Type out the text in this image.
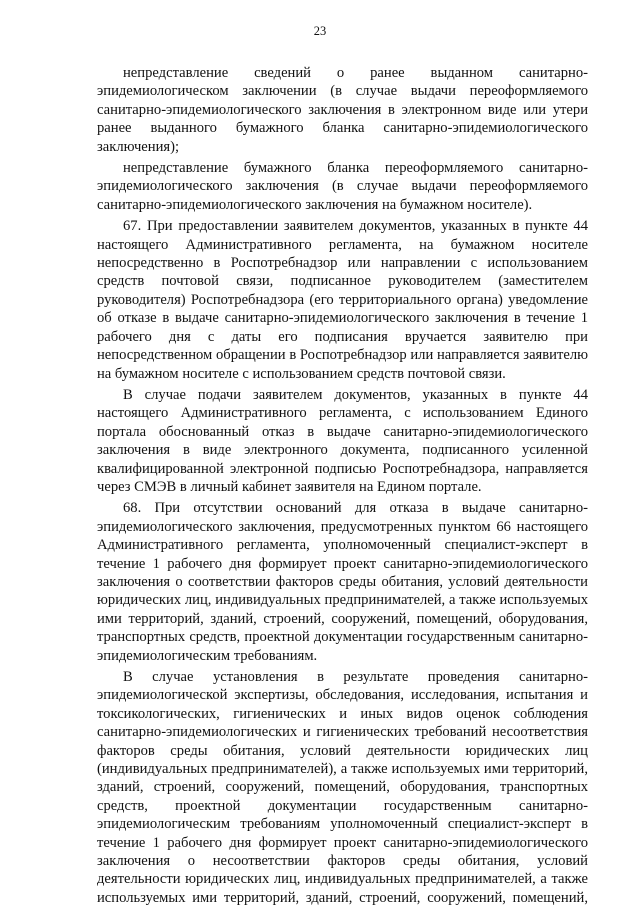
23

непредставление сведений о ранее выданном санитарно-эпидемиологическом заключении (в случае выдачи переоформляемого санитарно-эпидемиологического заключения в электронном виде или утери ранее выданного бумажного бланка санитарно-эпидемиологического заключения);

непредставление бумажного бланка переоформляемого санитарно-эпидемиологического заключения (в случае выдачи переоформляемого санитарно-эпидемиологического заключения на бумажном носителе).

67. При предоставлении заявителем документов, указанных в пункте 44 настоящего Административного регламента, на бумажном носителе непосредственно в Роспотребнадзор или направлении с использованием средств почтовой связи, подписанное руководителем (заместителем руководителя) Роспотребнадзора (его территориального органа) уведомление об отказе в выдаче санитарно-эпидемиологического заключения в течение 1 рабочего дня с даты его подписания вручается заявителю при непосредственном обращении в Роспотребнадзор или направляется заявителю на бумажном носителе с использованием средств почтовой связи.

В случае подачи заявителем документов, указанных в пункте 44 настоящего Административного регламента, с использованием Единого портала обоснованный отказ в выдаче санитарно-эпидемиологического заключения в виде электронного документа, подписанного усиленной квалифицированной электронной подписью Роспотребнадзора, направляется через СМЭВ в личный кабинет заявителя на Едином портале.

68. При отсутствии оснований для отказа в выдаче санитарно-эпидемиологического заключения, предусмотренных пунктом 66 настоящего Административного регламента, уполномоченный специалист-эксперт в течение 1 рабочего дня формирует проект санитарно-эпидемиологического заключения о соответствии факторов среды обитания, условий деятельности юридических лиц, индивидуальных предпринимателей, а также используемых ими территорий, зданий, строений, сооружений, помещений, оборудования, транспортных средств, проектной документации государственным санитарно-эпидемиологическим требованиям.

В случае установления в результате проведения санитарно-эпидемиологической экспертизы, обследования, исследования, испытания и токсикологических, гигиенических и иных видов оценок соблюдения санитарно-эпидемиологических и гигиенических требований несоответствия факторов среды обитания, условий деятельности юридических лиц (индивидуальных предпринимателей), а также используемых ими территорий, зданий, строений, сооружений, помещений, оборудования, транспортных средств, проектной документации государственным санитарно-эпидемиологическим требованиям уполномоченный специалист-эксперт в течение 1 рабочего дня формирует проект санитарно-эпидемиологического заключения о несоответствии факторов среды обитания, условий деятельности юридических лиц, индивидуальных предпринимателей, а также используемых ими территорий, зданий, строений, сооружений, помещений,
